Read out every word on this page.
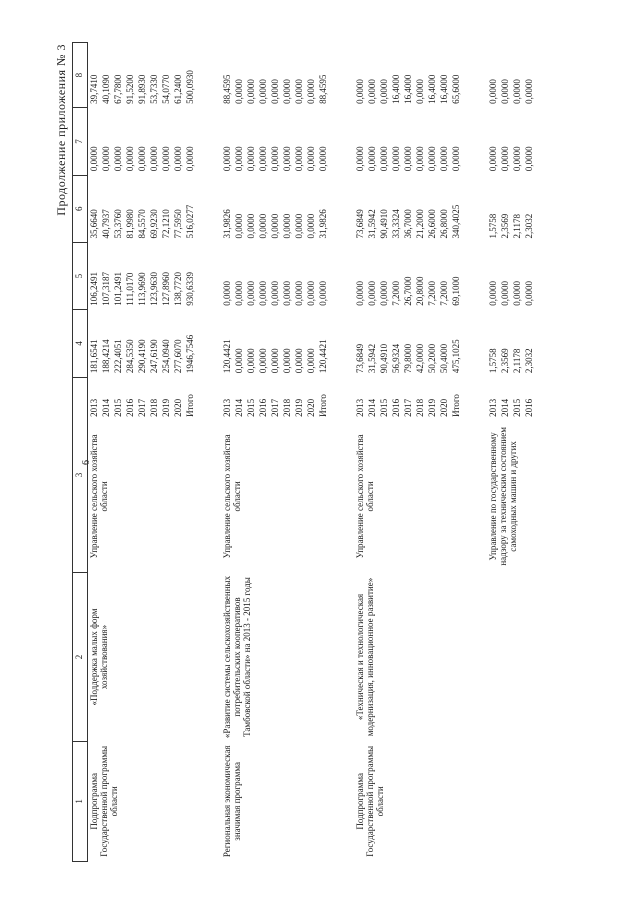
6
Продолжение приложения № 3
1	2	3		4	5	6	7	8
Подпрограмма Государственной программы области	«Поддержка малых форм хозяйствования»	Управление сельского хозяйства области	2013	181,6541	106,2491	35,6640	0,0000	39,7410
			2014	188,4214	107,3187	40,7937	0,0000	40,1090
			2015	222,4051	101,2491	53,3760	0,0000	67,7800
			2016	284,5350	111,0170	81,9980	0,0000	91,5200
			2017	290,4190	113,9690	84,5570	0,0000	91,8930
			2018	247,6190	123,9630	69,9230	0,0000	53,7330
			2019	254,0940	127,8960	72,1210	0,0000	54,0770
			2020	277,6070	138,7720	77,5950	0,0000	61,2400
			Итого	1946,7546	930,6339	516,0277	0,0000	500,0930
Региональная экономическая значимая программа	«Развитие системы сельскохозяйственных потребительских кооперативов Тамбовской области» на 2013 - 2015 годы	Управление сельского хозяйства области	2013	120,4421	0,0000	31,9826	0,0000	88,4595
			2014	0,0000	0,0000	0,0000	0,0000	0,0000
			2015	0,0000	0,0000	0,0000	0,0000	0,0000
			2016	0,0000	0,0000	0,0000	0,0000	0,0000
			2017	0,0000	0,0000	0,0000	0,0000	0,0000
			2018	0,0000	0,0000	0,0000	0,0000	0,0000
			2019	0,0000	0,0000	0,0000	0,0000	0,0000
			2020	0,0000	0,0000	0,0000	0,0000	0,0000
			Итого	120,4421	0,0000	31,9826	0,0000	88,4595
Подпрограмма Государственной программы области	«Техническая и технологическая модернизация, инновационное развитие»	Управление сельского хозяйства области	2013	73,6849	0,0000	73,6849	0,0000	0,0000
			2014	31,5942	0,0000	31,5942	0,0000	0,0000
			2015	90,4910	0,0000	90,4910	0,0000	0,0000
			2016	56,9324	7,2000	33,3324	0,0000	16,4000
			2017	79,8000	26,7000	36,7000	0,0000	16,4000
			2018	42,0000	20,8000	21,2000	0,0000	0,0000
			2019	50,2000	7,2000	26,6000	0,0000	16,4000
			2020	50,4000	7,2000	26,8000	0,0000	16,4000
			Итого	475,1025	69,1000	340,4025	0,0000	65,6000
		Управление по государственному надзору за техническим состоянием самоходных машин и других	2013	1,5758	0,0000	1,5758	0,0000	0,0000
			2014	2,3569	0,0000	2,3569	0,0000	0,0000
			2015	2,1178	0,0000	2,1178	0,0000	0,0000
			2016	2,3032	0,0000	2,3032	0,0000	0,0000
